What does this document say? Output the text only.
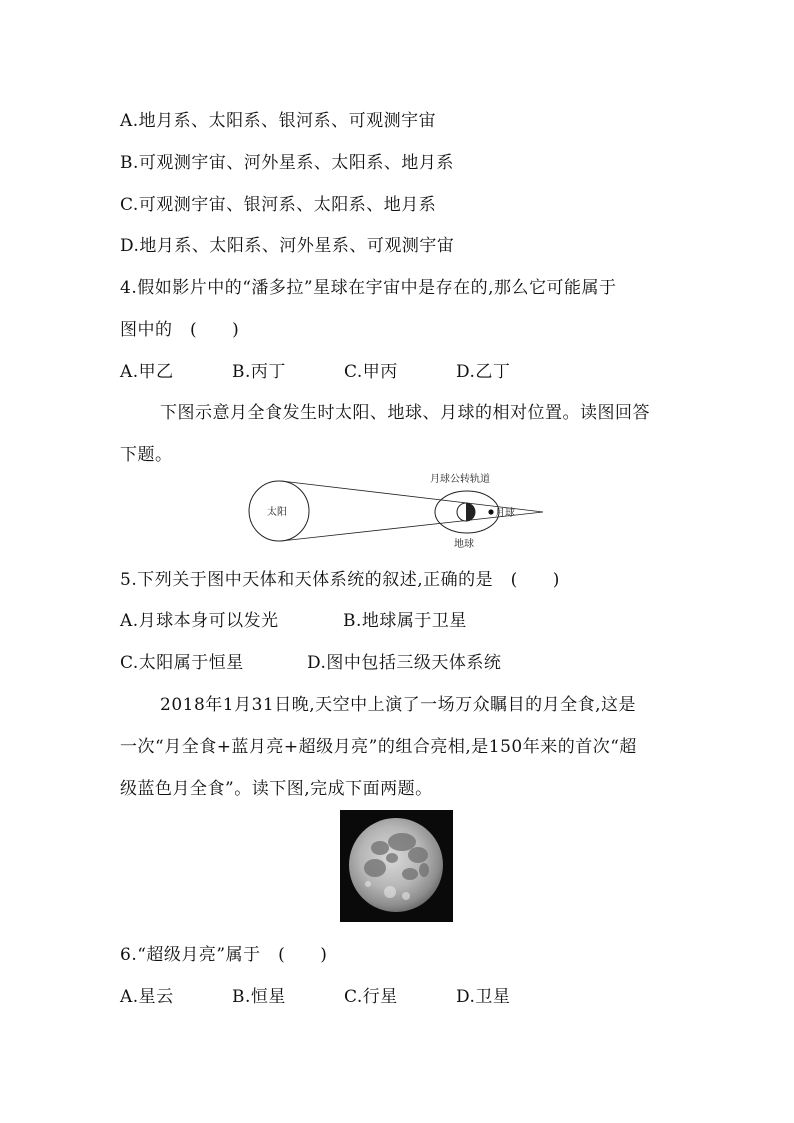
A.地月系、太阳系、银河系、可观测宇宙
B.可观测宇宙、河外星系、太阳系、地月系
C.可观测宇宙、银河系、太阳系、地月系
D.地月系、太阳系、河外星系、可观测宇宙
4.假如影片中的“潘多拉”星球在宇宙中是存在的,那么它可能属于
图中的　(　　)
A.甲乙	B.丙丁	C.甲丙	D.乙丁
下图示意月全食发生时太阳、地球、月球的相对位置。读图回答
下题。
太阳
月球公转轨道
地球
月球
5.下列关于图中天体和天体系统的叙述,正确的是　(　　)
A.月球本身可以发光	B.地球属于卫星
C.太阳属于恒星	D.图中包括三级天体系统
2018年1月31日晚,天空中上演了一场万众瞩目的月全食,这是
一次“月全食+蓝月亮+超级月亮”的组合亮相,是150年来的首次“超
级蓝色月全食”。读下图,完成下面两题。
6.“超级月亮”属于　(　　)
A.星云	B.恒星	C.行星	D.卫星
